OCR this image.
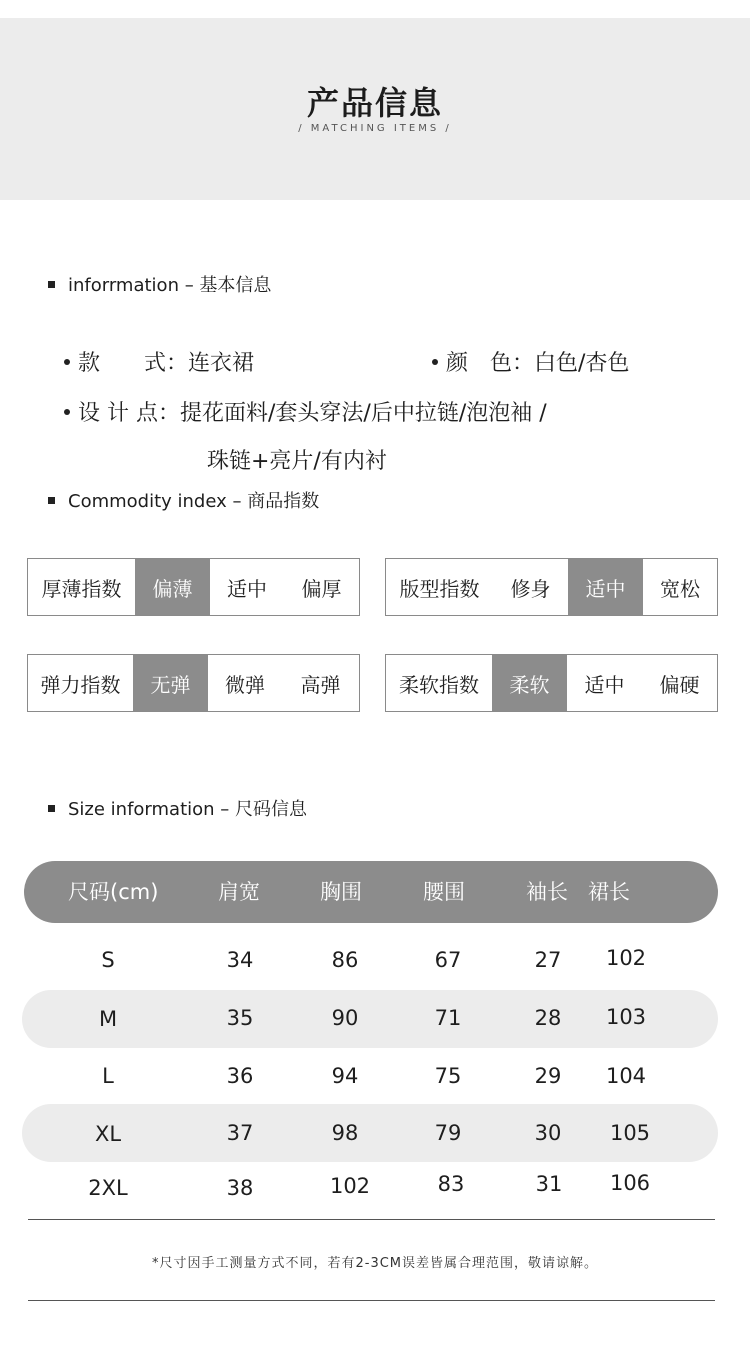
产品信息
/ MATCHING ITEMS /
inforrmation – 基本信息
款　　式：连衣裙	颜　色：白色/杏色
设 计 点：提花面料/套头穿法/后中拉链/泡泡袖 /
珠链+亮片/有内衬
Commodity index – 商品指数
厚薄指数	偏薄	适中	偏厚	版型指数	修身	适中	宽松
弹力指数	无弹	微弹	高弹	柔软指数	柔软	适中	偏硬
Size information – 尺码信息
尺码(cm)	肩宽	胸围	腰围	袖长 裙长
S	34	86	67	27	102
M	35	90	71	28	103
L	36	94	75	29	104
XL	37	98	79	30	105
2XL	38	102	83	31	106
*尺寸因手工测量方式不同，若有2-3CM误差皆属合理范围，敬请谅解。
